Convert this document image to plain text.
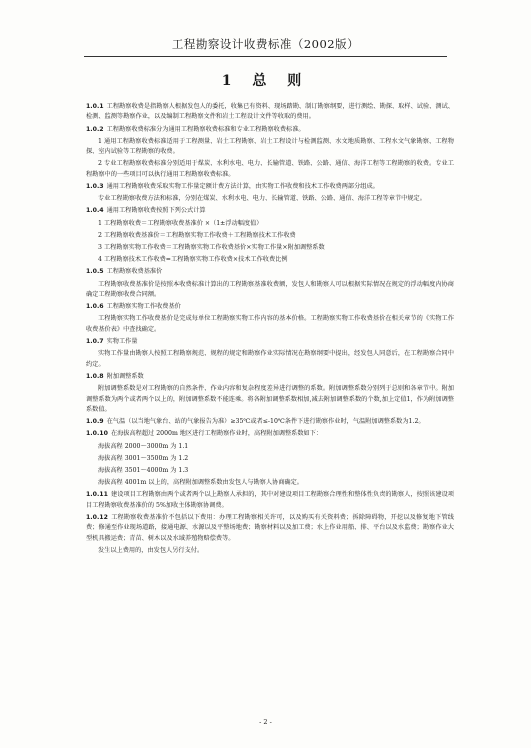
工程勘察设计收费标准（2002版）
1 总 则

1.0.1 工程勘察收费是指勘察人根据发包人的委托，收集已有资料、现场踏勘、制订勘察纲要，进行测绘、勘探、取样、试验、测试、检测、监测等勘察作业，以及编制工程勘察文件和岩土工程设计文件等收取的费用。

1.0.2 工程勘察收费标准分为通用工程勘察收费标准和专业工程勘察收费标准。

1 通用工程勘察收费标准适用于工程测量、岩土工程勘察、岩土工程设计与检测监测、水文地质勘察、工程水文气象勘察、工程物探、室内试验等工程勘察的收费。

2 专业工程勘察收费标准分别适用于煤炭、水利水电、电力、长输管道、铁路、公路、通信、海洋工程等工程勘察的收费。专业工程勘察中的一些项目可以执行通用工程勘察收费标准。

1.0.3 通用工程勘察收费采取实物工作量定额计费方法计算，由实物工作收费和技术工作收费两部分组成。

专业工程勘察收费方法和标准，分别在煤炭、水利水电、电力、长输管道、铁路、公路、通信、海洋工程等章节中规定。

1.0.4 通用工程勘察收费按照下列公式计算

1 工程勘察收费＝工程勘察收费基准价 ×（1±浮动幅度值）

2 工程勘察收费基准价＝工程勘察实物工作收费＋工程勘察技术工作收费

3 工程勘察实物工作收费＝工程勘察实物工作收费基价×实物工作量×附加调整系数

4 工程勘察技术工作收费=工程勘察实物工作收费×技术工作收费比例

1.0.5 工程勘察收费基准价

工程勘察收费基准价是按照本收费标准计算出的工程勘察基准收费额，发包人和勘察人可以根据实际情况在规定的浮动幅度内协商确定工程勘察收费合同额。

1.0.6 工程勘察实物工作收费基价

工程勘察实物工作收费基价是完成每单位工程勘察实物工作内容的基本价格。工程勘察实物工作收费基价在相关章节的《实物工作收费基价表》中查找确定。

1.0.7 实物工作量

实物工作量由勘察人按照工程勘察规范、规程的规定和勘察作业实际情况在勘察纲要中提出，经发包人同意后，在工程勘察合同中约定。

1.0.8 附加调整系数

附加调整系数是对工程勘察的自然条件、作业内容和复杂程度差异进行调整的系数。附加调整系数分别列于总则和各章节中。附加调整系数为两个或者两个以上的，附加调整系数不能连乘。将各附加调整系数相加,减去附加调整系数的个数,加上定值1，作为附加调整系数值。

1.0.9 在气温（以当地气象台、站的气象报告为准）≥35℃或者≤-10℃条件下进行勘察作业时，气温附加调整系数为1.2。

1.0.10 在海拔高程超过 2000m 地区进行工程勘察作业时，高程附加调整系数如下：

海拔高程 2000～3000m 为 1.1

海拔高程 3001～3500m 为 1.2

海拔高程 3501～4000m 为 1.3

海拔高程 4001m 以上的，高程附加调整系数由发包人与勘察人协商确定。

1.0.11 建设项目工程勘察由两个或者两个以上勘察人承担的，其中对建设项目工程勘察合理性和整体性负责的勘察人，按照该建设项目工程勘察收费基准价的 5%加收主体勘察协调费。

1.0.12 工程勘察收费基准价不包括以下费用：办理工程勘察相关许可，以及购买有关资料费；拆除障碍物，开挖以及修复地下管线费；修通至作业现场道路，接通电源、水源以及平整场地费；勘察材料以及加工费；水上作业用船、排、平台以及水监费；勘察作业大型机具搬运费；青苗、树木以及水域养殖物赔偿费等。

发生以上费用的，由发包人另行支付。

- 2 -
